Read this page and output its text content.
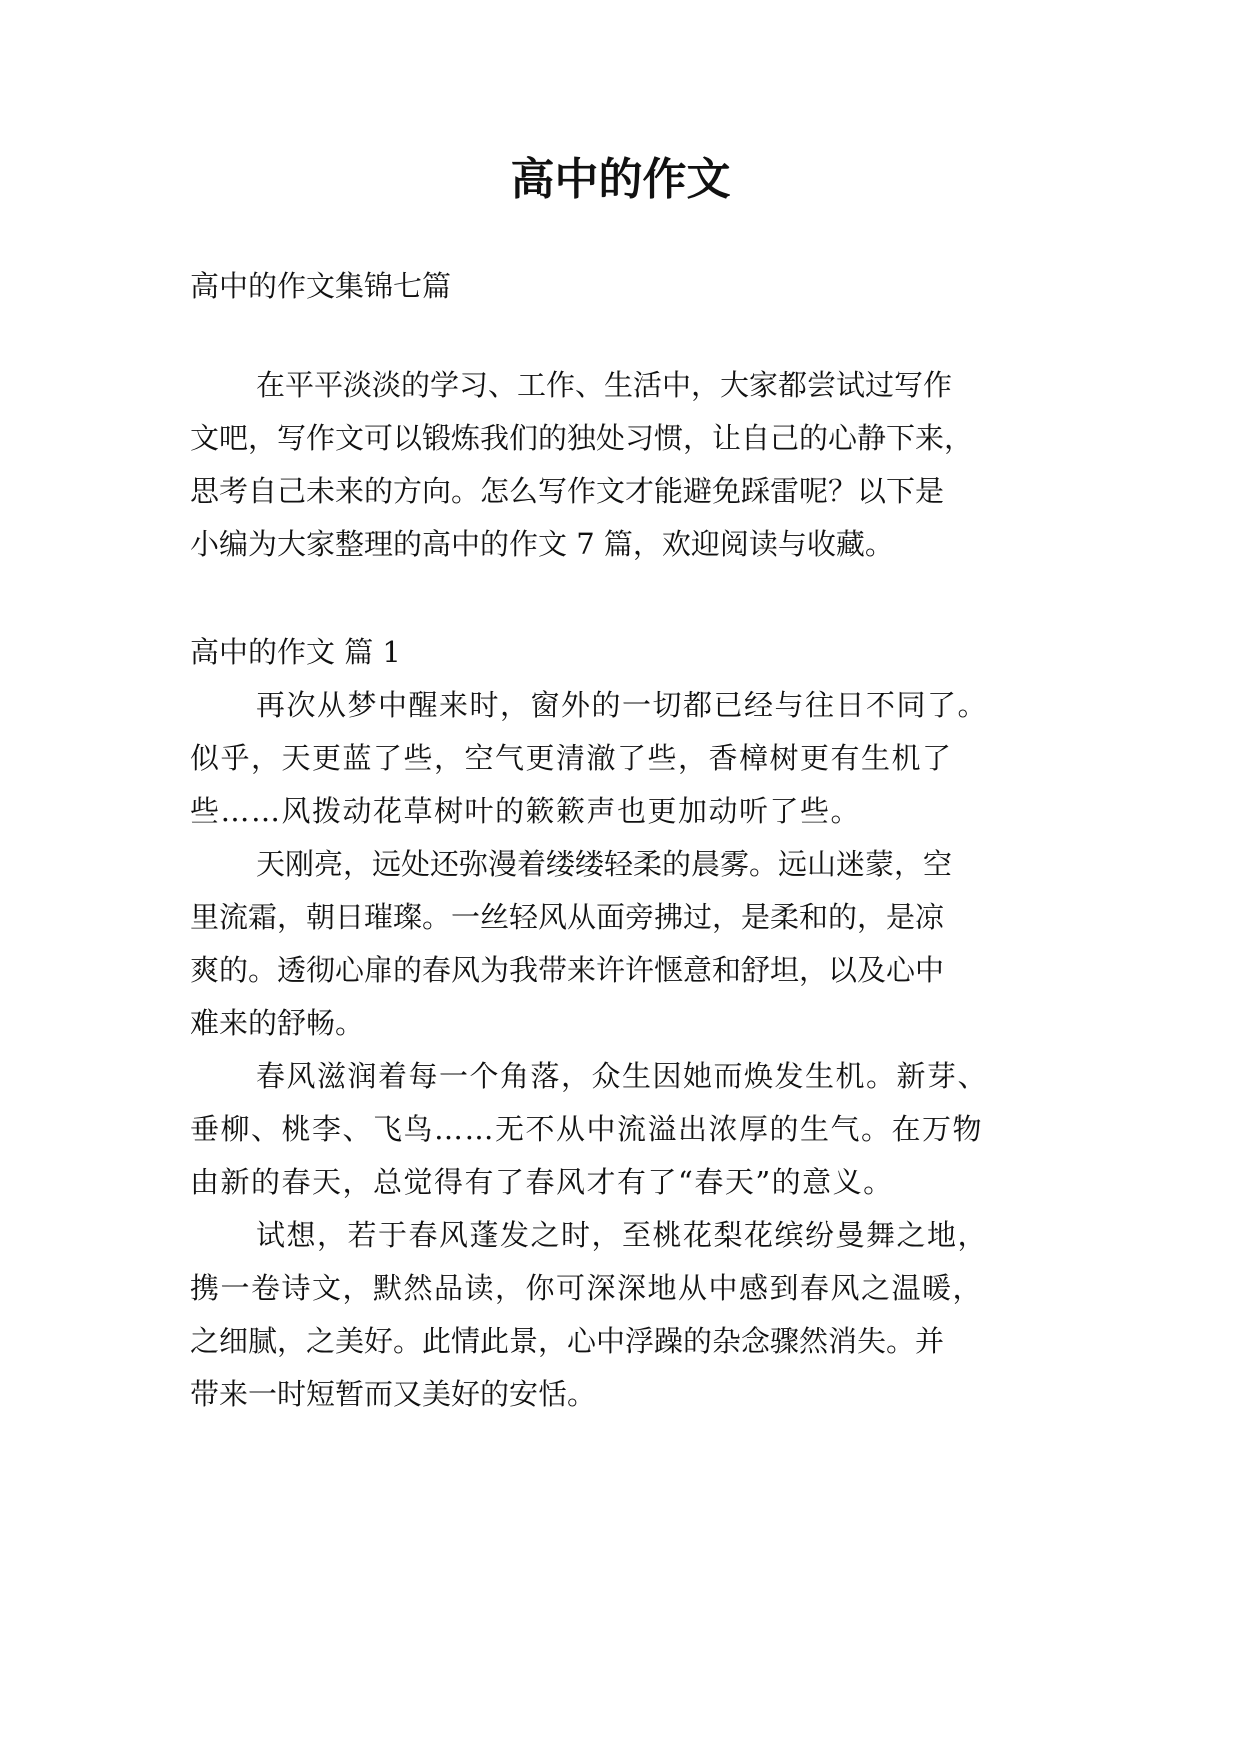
高中的作文

高中的作文集锦七篇

在平平淡淡的学习、工作、生活中，大家都尝试过写作

文吧，写作文可以锻炼我们的独处习惯，让自己的心静下来，

思考自己未来的方向。怎么写作文才能避免踩雷呢？以下是

小编为大家整理的高中的作文 7 篇，欢迎阅读与收藏。

高中的作文 篇 1

再次从梦中醒来时，窗外的一切都已经与往日不同了。

似乎，天更蓝了些，空气更清澈了些，香樟树更有生机了

些……风拨动花草树叶的簌簌声也更加动听了些。

天刚亮，远处还弥漫着缕缕轻柔的晨雾。远山迷蒙，空

里流霜，朝日璀璨。一丝轻风从面旁拂过，是柔和的，是凉

爽的。透彻心扉的春风为我带来许许惬意和舒坦，以及心中

难来的舒畅。

春风滋润着每一个角落，众生因她而焕发生机。新芽、

垂柳、桃李、飞鸟……无不从中流溢出浓厚的生气。在万物

由新的春天，总觉得有了春风才有了“春天”的意义。

试想，若于春风蓬发之时，至桃花梨花缤纷曼舞之地，

携一卷诗文，默然品读，你可深深地从中感到春风之温暖，

之细腻，之美好。此情此景，心中浮躁的杂念骤然消失。并

带来一时短暂而又美好的安恬。
